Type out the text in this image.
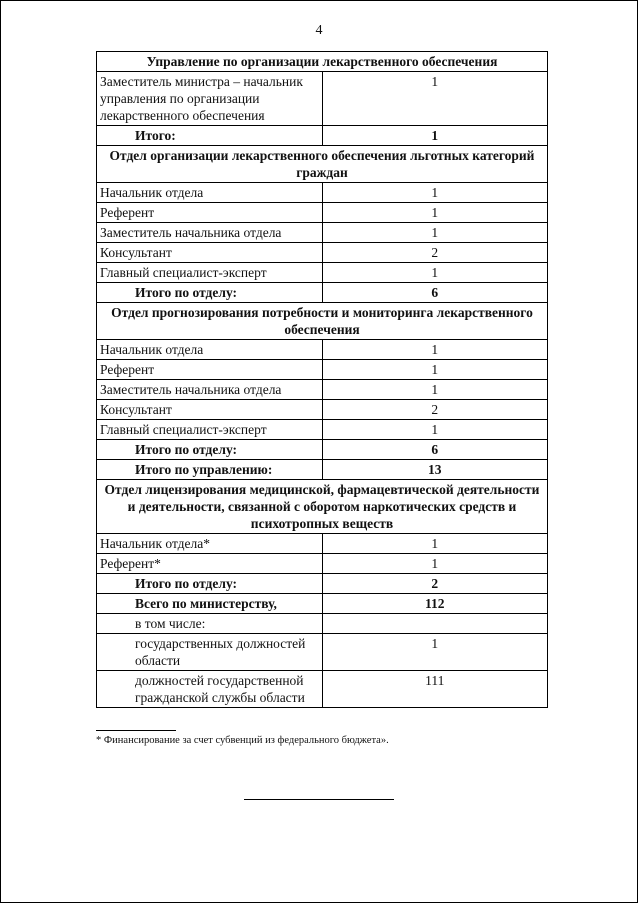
4
Управление по организации лекарственного обеспечения	
Заместитель министра – начальник управления по организации лекарственного обеспечения	1
Итого:	1
Отдел организации лекарственного обеспечения льготных категорий граждан	
Начальник отдела	1
Референт	1
Заместитель начальника отдела	1
Консультант	2
Главный специалист-эксперт	1
Итого по отделу:	6
Отдел прогнозирования потребности и мониторинга лекарственного обеспечения	
Начальник отдела	1
Референт	1
Заместитель начальника отдела	1
Консультант	2
Главный специалист-эксперт	1
Итого по отделу:	6
Итого по управлению:	13
Отдел лицензирования медицинской, фармацевтической деятельности и деятельности, связанной с оборотом наркотических средств и психотропных веществ	
Начальник отдела*	1
Референт*	1
Итого по отделу:	2
Всего по министерству,	112
в том числе:	
государственных должностей области	1
должностей государственной гражданской службы области	111
* Финансирование за счет субвенций из федерального бюджета».
